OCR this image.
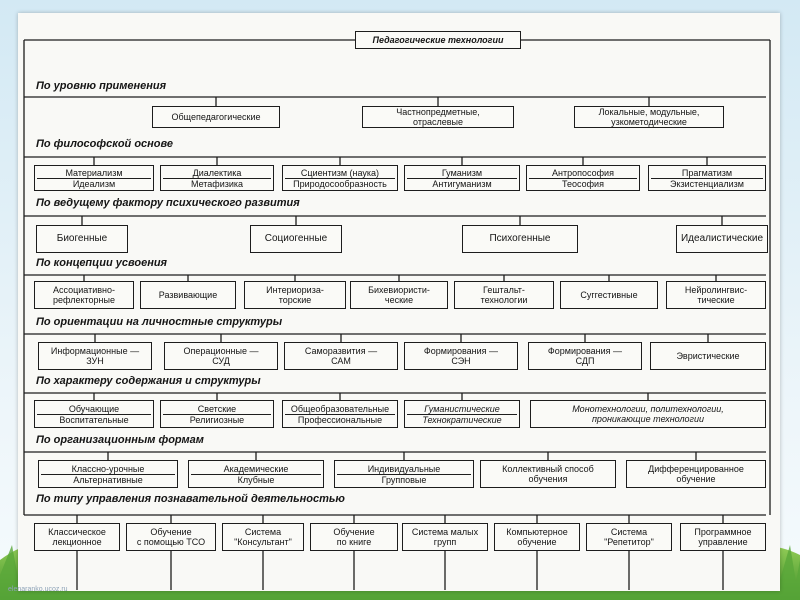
По уровню применения
Общепедагогические	Частнопредметные,
отраслевые
Локальные, модульные,
узкометодические
По философской основе
Материализм
Идеализм
Диалектика
Метафизика
Сциентизм (наука)
Природосообразность
Гуманизм
Антигуманизм
Антропософия
Теософия
Прагматизм
Экзистенциализм
По ведущему фактору психического развития
Биогенные	Социогенные	Психогенные	Идеалистические
По концепции усвоения
Ассоциативно-
рефлекторные	Развивающие	Интериориза-
торские
Бихевиористи-
ческие
Гештальт-
технологии	Суггестивные	Нейролингвис-
тические
По ориентации на личностные структуры
Информационные —
ЗУН
Операционные —
СУД
Саморазвития —
САМ
Формирования —
СЭН
Формирования —
СДП	Эвристические
По характеру содержания и структуры
Обучающие
Воспитательные
Светские
Религиозные
Общеобразовательные
Профессиональные
Гуманистические
Технократические
Монотехнологии, политехнологии,
проникающие технологии
По организационным формам
Классно-урочные
Альтернативные
Академические
Клубные
Индивидуальные
Групповые
Коллективный способ
обучения
Дифференцированное
обучение
По типу управления познавательной деятельностью
Классическое
лекционное
Обучение
с помощью ТСО
Система
"Консультант"
Обучение
по книге
Система малых
групп
Компьютерное
обучение
Система
"Репетитор"
Программное
управление
Педагогические технологии
elenaranko.ucoz.ru
